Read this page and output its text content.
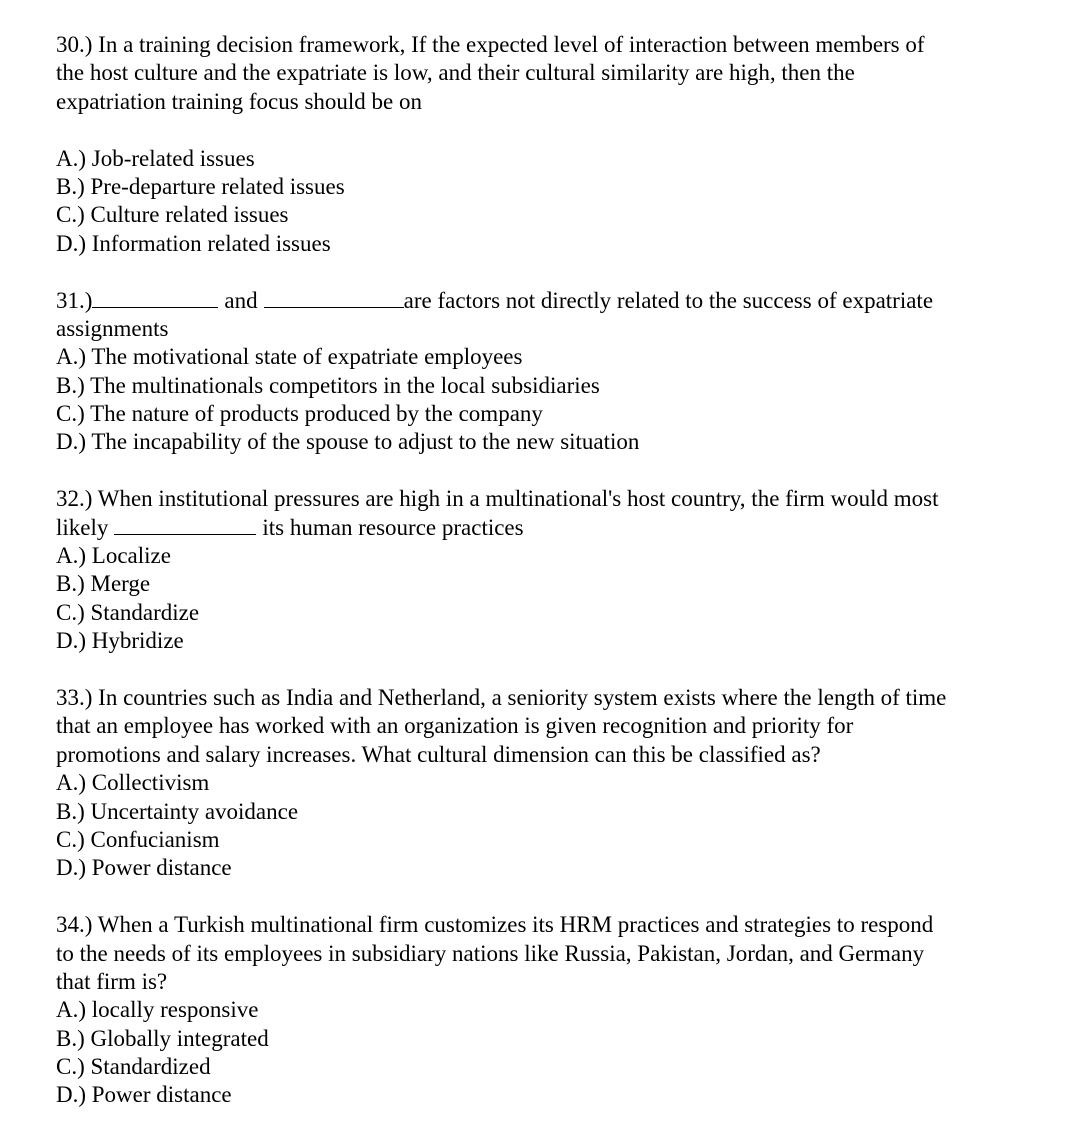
30.) In a training decision framework, If the expected level of interaction between members of
the host culture and the expatriate is low, and their cultural similarity are high, then the
expatriation training focus should be on
A.) Job-related issues
B.) Pre-departure related issues
C.) Culture related issues
D.) Information related issues
31.)	and	are factors not directly related to the success of expatriate
assignments
A.) The motivational state of expatriate employees
B.) The multinationals competitors in the local subsidiaries
C.) The nature of products produced by the company
D.) The incapability of the spouse to adjust to the new situation
32.) When institutional pressures are high in a multinational's host country, the firm would most
likely	its human resource practices
A.) Localize
B.) Merge
C.) Standardize
D.) Hybridize
33.) In countries such as India and Netherland, a seniority system exists where the length of time
that an employee has worked with an organization is given recognition and priority for
promotions and salary increases. What cultural dimension can this be classified as?
A.) Collectivism
B.) Uncertainty avoidance
C.) Confucianism
D.) Power distance
34.) When a Turkish multinational firm customizes its HRM practices and strategies to respond
to the needs of its employees in subsidiary nations like Russia, Pakistan, Jordan, and Germany
that firm is?
A.) locally responsive
B.) Globally integrated
C.) Standardized
D.) Power distance
